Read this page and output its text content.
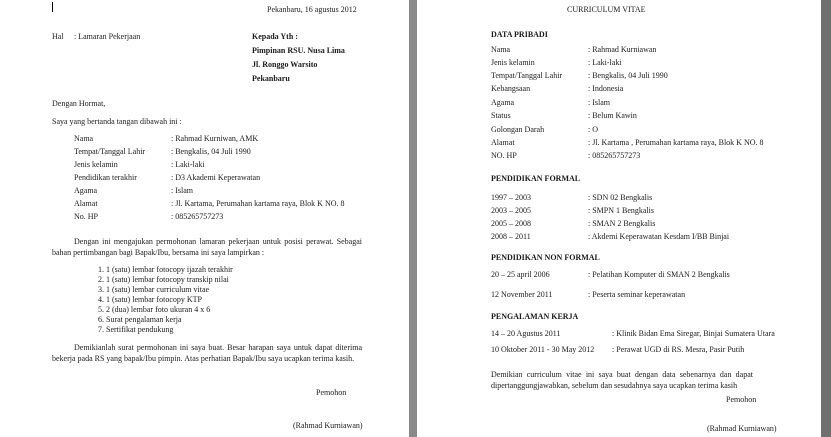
Pekanbaru, 16 agustus 2012
Hal : Lamaran Pekerjaan	Kepada Yth :
Pimpinan RSU. Nusa Lima
Jl. Ronggo Warsito
Pekanbaru
Dengan Hormat,
Saya yang bertanda tangan dibawah ini :
Nama	: Rahmad Kurniwan, AMK
Tempat/Tanggal Lahir	: Bengkalis, 04 Juli 1990
Jenis kelamin	: Laki-laki
Pendidikan terakhir	: D3 Akademi Keperawatan
Agama	: Islam
Alamat	: Jl. Kartama, Perumahan kartama raya, Blok K NO. 8
No. HP	: 085265757273
Dengan ini mengajukan permohonan lamaran pekerjaan untuk posisi perawat. Sebagai bahan pertimbangan bagi Bapak/Ibu, bersama ini saya lampirkan :
1. 1 (satu) lembar fotocopy ijazah terakhir
2. 1 (satu) lembar fotocopy transkip nilai
3. 1 (satu) lembar curriculum vitae
4. 1 (satu) lembar fotocopy KTP
5. 2 (dua) lembar foto ukuran 4 x 6
6. Surat pengalaman kerja
7. Sertifikat pendukung
Demikianlah surat permohonan ini saya buat. Besar harapan saya untuk dapat diterima bekerja pada RS yang bapak/Ibu pimpin. Atas perhatian Bapak/Ibu saya ucapkan terima kasih.
Pemohon
(Rahmad Kurniawan)
CURRICULUM VITAE
DATA PRIBADI
Nama	: Rahmad Kurniawan
Jenis kelamin	: Laki-laki
Tempat/Tanggal Lahir	: Bengkalis, 04 Juli 1990
Kebangsaan	: Indonesia
Agama	: Islam
Status	: Belum Kawin
Golongan Darah	: O
Alamat	: Jl. Kartama , Perumahan kartama raya, Blok K NO. 8
NO. HP	: 085265757273
PENDIDIKAN FORMAL
1997 – 2003	: SDN 02 Bengkalis
2003 – 2005	: SMPN 1 Bengkalis
2005 – 2008	: SMAN 2 Bengkalis
2008 – 2011	: Akdemi Keperawatan Kesdam I/BB Binjai
PENDIDIKAN NON FORMAL
20 – 25 april 2006	: Pelatihan Komputer di SMAN 2 Bengkalis
12 November 2011	: Peserta seminar keperawatan
PENGALAMAN KERJA
14 – 20 Agustus 2011	: Klinik Bidan Ema Siregar, Binjai Sumatera Utara
10 Oktober 2011 - 30 May 2012 : Perawat UGD di RS. Mesra, Pasir Putih
Demikian curriculum vitae ini saya buat dengan data sebenarnya dan dapat dipertanggungjawabkan, sebelum dan sesudahnya saya ucapkan terima kasih
Pemohon
(Rahmad Kurniawan)
